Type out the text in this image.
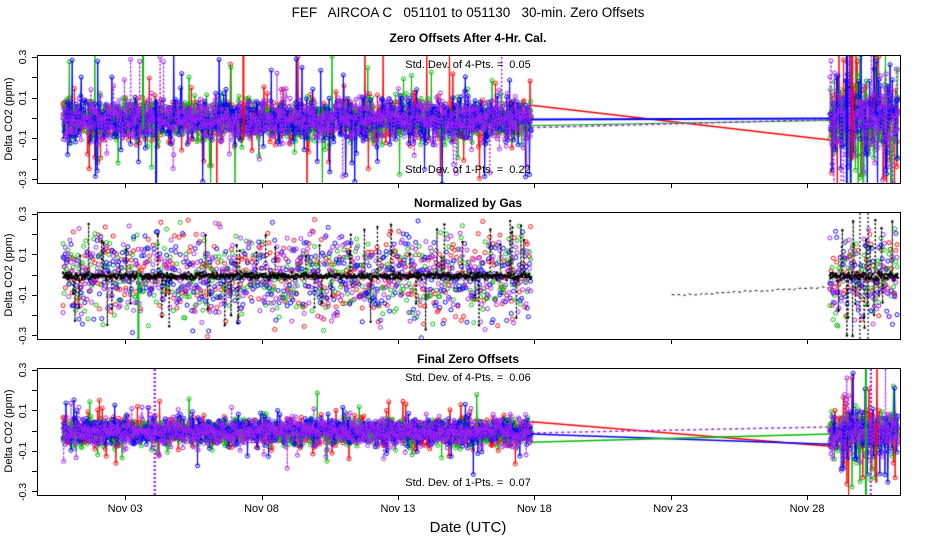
FEF   AIRCOA C   051101 to 051130   30-min. Zero Offsets
Zero Offsets After 4-Hr. Cal.
Std. Dev. of 4-Pts. =  0.05
Std. Dev. of 1-Pts. =  0.22
Normalized by Gas
Final Zero Offsets
Std. Dev. of 4-Pts. =  0.06
Std. Dev. of 1-Pts. =  0.07
Date (UTC)
0.3
0.1
-0.1
-0.3
Delta CO2 (ppm)
0.3
0.1
-0.1
-0.3
Delta CO2 (ppm)
0.3
0.1
-0.1
-0.3
Nov 03	Nov 08	Nov 13	Nov 18	Nov 23	Nov 28
Delta CO2 (ppm)
